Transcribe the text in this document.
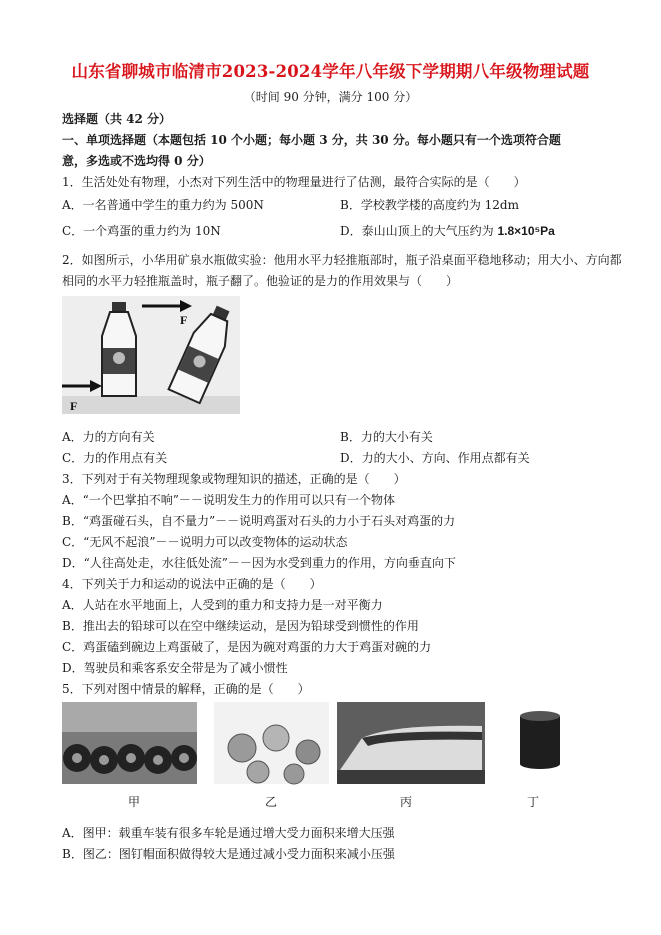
山东省聊城市临清市2023-2024学年八年级下学期期八年级物理试题
（时间 90 分钟，满分 100 分）
选择题（共 42 分）
一、单项选择题（本题包括 10 个小题；每小题 3 分，共 30 分。每小题只有一个选项符合题
意，多选或不选均得 0 分）
1．生活处处有物理，小杰对下列生活中的物理量进行了估测，最符合实际的是（　　）
A．一名普通中学生的重力约为 500N	B．学校教学楼的高度约为 12dm
C．一个鸡蛋的重力约为 10N	D．泰山山顶上的大气压约为 1.8×10⁵Pa
2．如图所示，小华用矿泉水瓶做实验：他用水平力轻推瓶部时，瓶子沿桌面平稳地移动；用大小、方向都
相同的水平力轻推瓶盖时，瓶子翻了。他验证的是力的作用效果与（　　）
F
F
A．力的方向有关	B．力的大小有关
C．力的作用点有关	D．力的大小、方向、作用点都有关
3．下列对于有关物理现象或物理知识的描述，正确的是（　　）
A．“一个巴掌拍不响”－－说明发生力的作用可以只有一个物体
B．“鸡蛋碰石头，自不量力”－－说明鸡蛋对石头的力小于石头对鸡蛋的力
C．“无风不起浪”－－说明力可以改变物体的运动状态
D．“人往高处走，水往低处流”－－因为水受到重力的作用，方向垂直向下
4．下列关于力和运动的说法中正确的是（　　）
A．人站在水平地面上，人受到的重力和支持力是一对平衡力
B．推出去的铅球可以在空中继续运动，是因为铅球受到惯性的作用
C．鸡蛋磕到碗边上鸡蛋破了，是因为碗对鸡蛋的力大于鸡蛋对碗的力
D．驾驶员和乘客系安全带是为了减小惯性
5．下列对图中情景的解释，正确的是（　　）
甲	乙	丙	丁
A．图甲：载重车装有很多车轮是通过增大受力面积来增大压强
B．图乙：图钉帽面积做得较大是通过减小受力面积来减小压强
